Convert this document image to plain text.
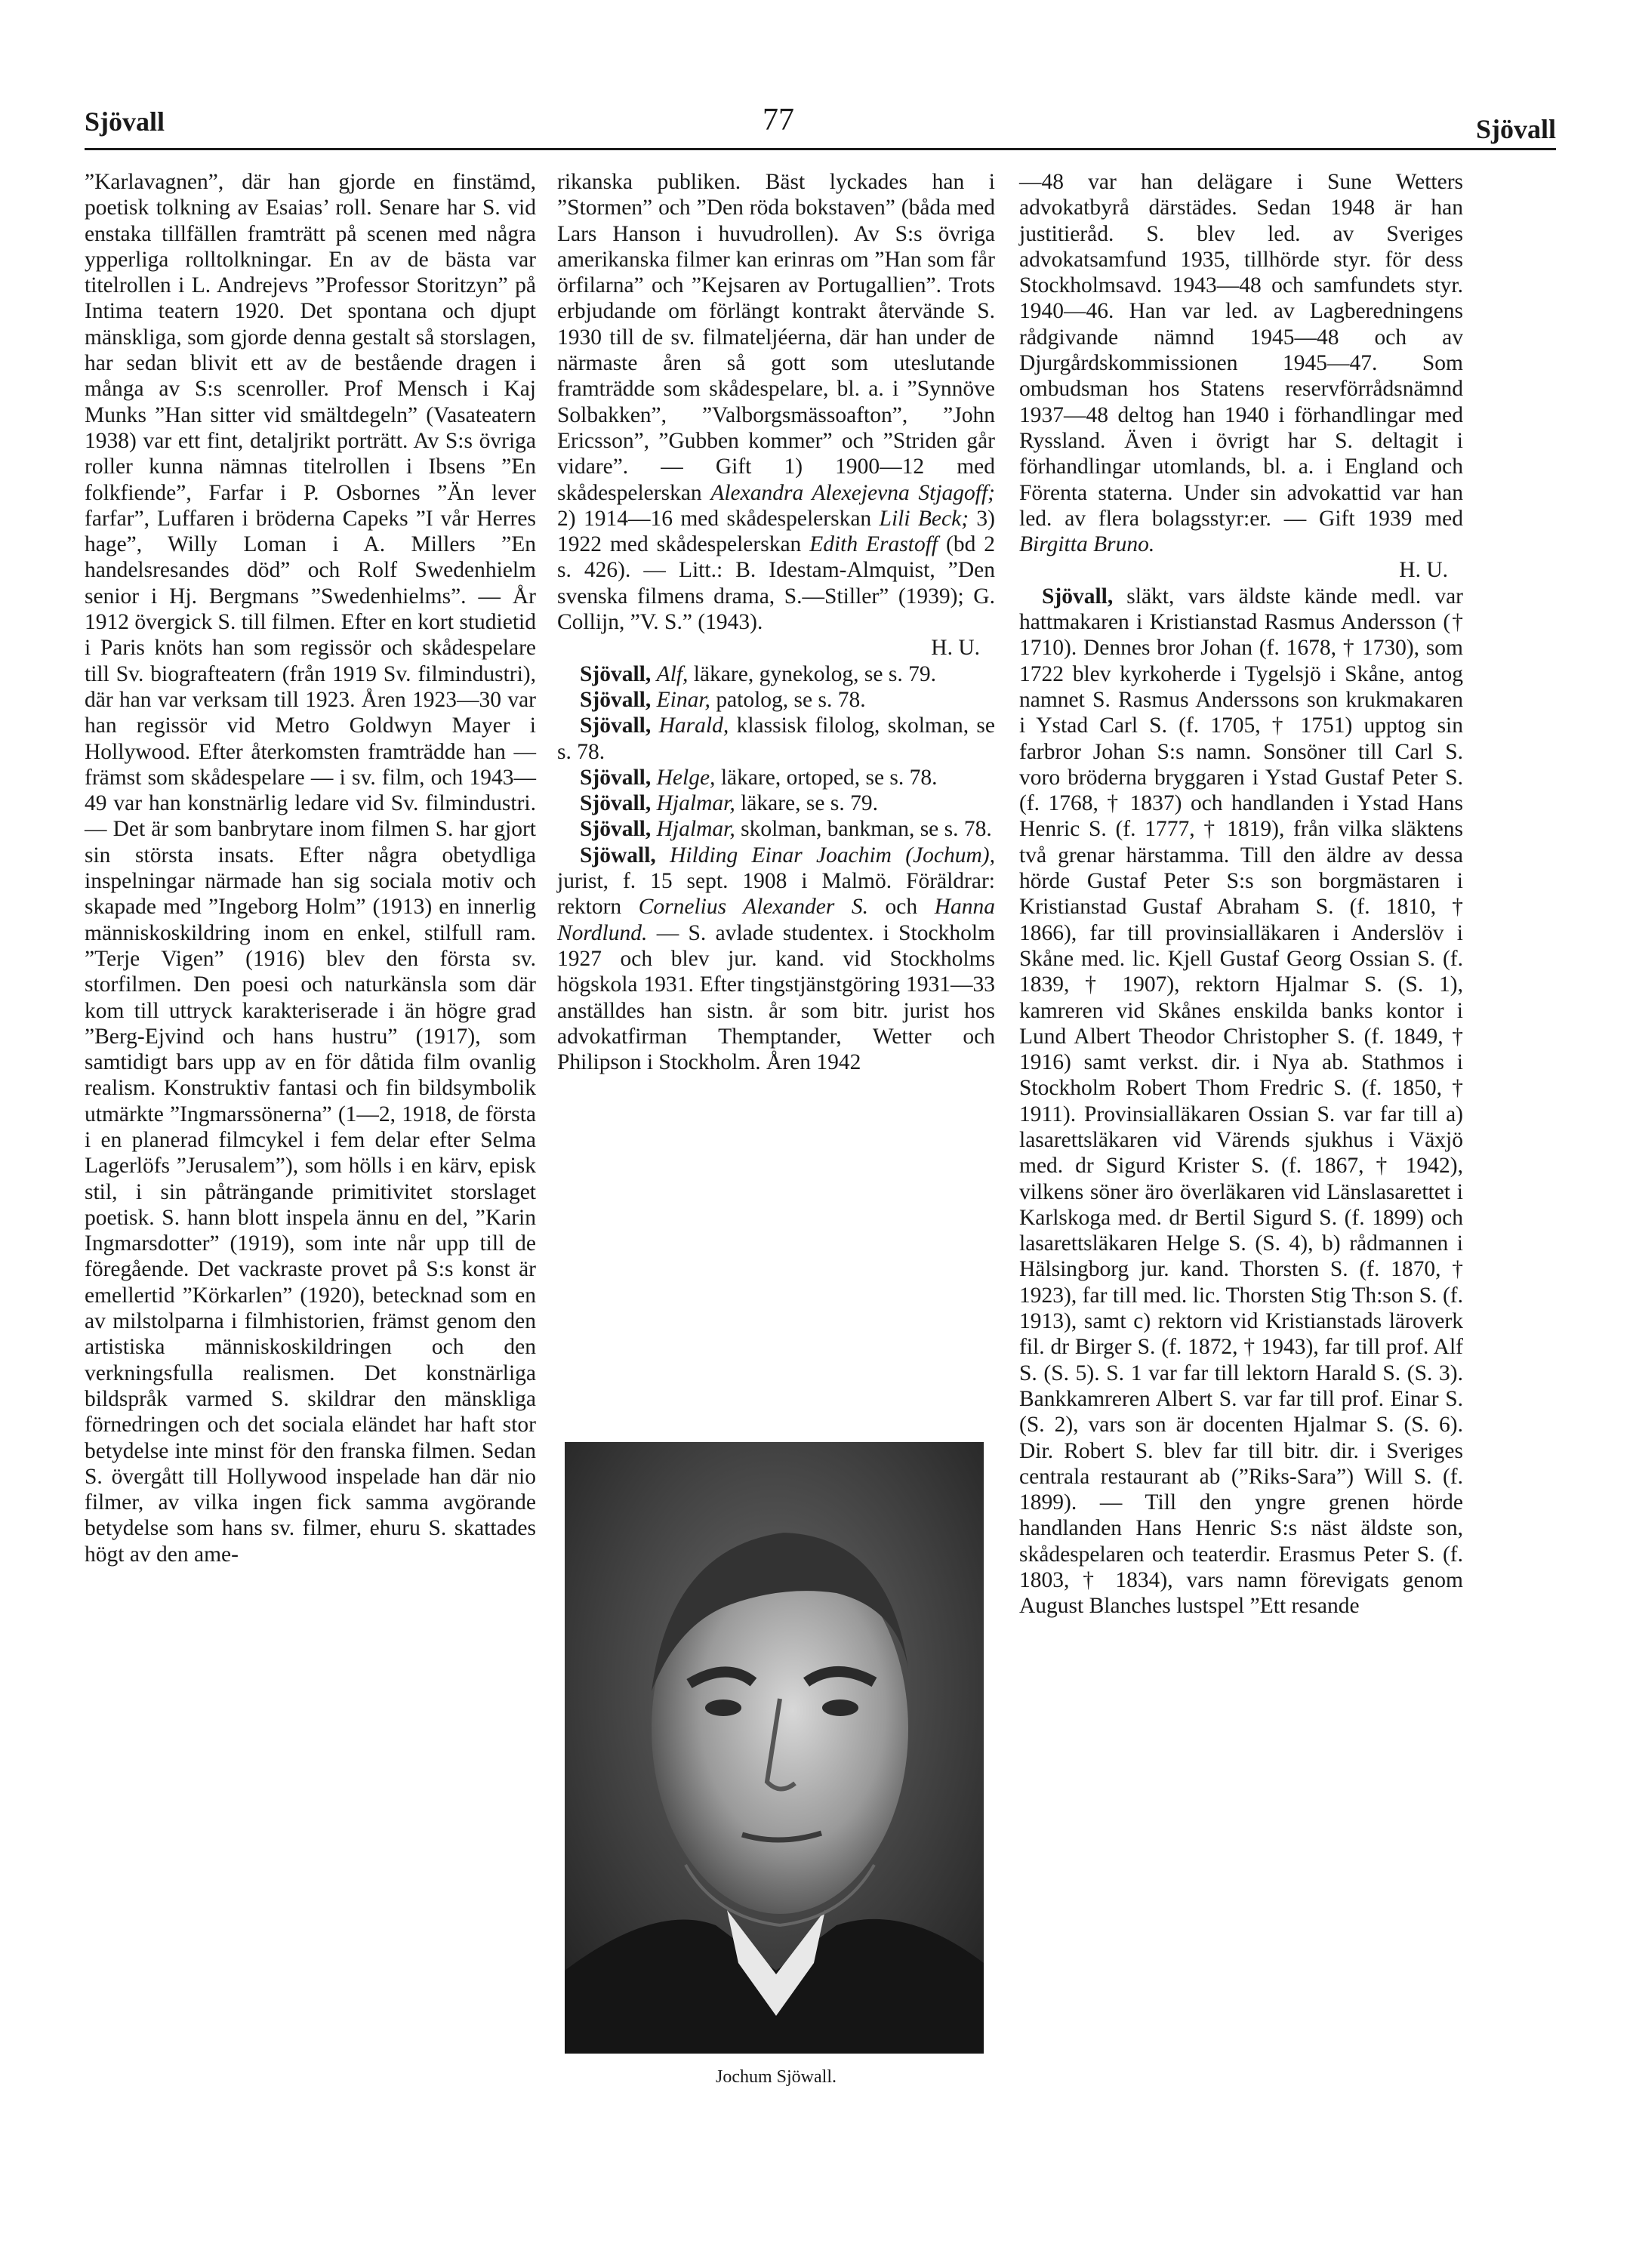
Sjövall	77	Sjövall

”Karlavagnen”, där han gjorde en finstämd, poetisk tolkning av Esaias’ roll. Senare har S. vid enstaka tillfällen framträtt på scenen med några ypperliga rolltolkningar. En av de bästa var titelrollen i L. Andrejevs ”Professor Storitzyn” på Intima teatern 1920. Det spontana och djupt mänskliga, som gjorde denna gestalt så storslagen, har sedan blivit ett av de bestående dragen i många av S:s scenroller. Prof Mensch i Kaj Munks ”Han sitter vid smältdegeln” (Vasateatern 1938) var ett fint, detaljrikt porträtt. Av S:s övriga roller kunna nämnas titelrollen i Ibsens ”En folkfiende”, Farfar i P. Osbornes ”Än lever farfar”, Luffaren i bröderna Capeks ”I vår Herres hage”, Willy Loman i A. Millers ”En handelsresandes död” och Rolf Swedenhielm senior i Hj. Bergmans ”Swedenhielms”. — År 1912 övergick S. till filmen. Efter en kort studietid i Paris knöts han som regissör och skådespelare till Sv. biografteatern (från 1919 Sv. filmindustri), där han var verksam till 1923. Åren 1923—30 var han regissör vid Metro Goldwyn Mayer i Hollywood. Efter återkomsten framträdde han — främst som skådespelare — i sv. film, och 1943—49 var han konstnärlig ledare vid Sv. filmindustri. — Det är som banbrytare inom filmen S. har gjort sin största insats. Efter några obetydliga inspelningar närmade han sig sociala motiv och skapade med ”Ingeborg Holm” (1913) en innerlig människoskildring inom en enkel, stilfull ram. ”Terje Vigen” (1916) blev den första sv. storfilmen. Den poesi och naturkänsla som där kom till uttryck karakteriserade i än högre grad ”Berg-Ejvind och hans hustru” (1917), som samtidigt bars upp av en för dåtida film ovanlig realism. Konstruktiv fantasi och fin bildsymbolik utmärkte ”Ingmarssönerna” (1—2, 1918, de första i en planerad filmcykel i fem delar efter Selma Lagerlöfs ”Jerusalem”), som hölls i en kärv, episk stil, i sin påträngande primitivitet storslaget poetisk. S. hann blott inspela ännu en del, ”Karin Ingmarsdotter” (1919), som inte når upp till de föregående. Det vackraste provet på S:s konst är emellertid ”Körkarlen” (1920), betecknad som en av milstolparna i filmhistorien, främst genom den artistiska människoskildringen och den verkningsfulla realismen. Det konstnärliga bildspråk varmed S. skildrar den mänskliga förnedringen och det sociala eländet har haft stor betydelse inte minst för den franska filmen. Sedan S. övergått till Hollywood inspelade han där nio filmer, av vilka ingen fick samma avgörande betydelse som hans sv. filmer, ehuru S. skattades högt av den ame-

rikanska publiken. Bäst lyckades han i ”Stormen” och ”Den röda bokstaven” (båda med Lars Hanson i huvudrollen). Av S:s övriga amerikanska filmer kan erinras om ”Han som får örfilarna” och ”Kejsaren av Portugallien”. Trots erbjudande om förlängt kontrakt återvände S. 1930 till de sv. filmateljéerna, där han under de närmaste åren så gott som uteslutande framträdde som skådespelare, bl. a. i ”Synnöve Solbakken”, ”Valborgsmässoafton”, ”John Ericsson”, ”Gubben kommer” och ”Striden går vidare”. — Gift 1) 1900—12 med skådespelerskan Alexandra Alexejevna Stjagoff; 2) 1914—16 med skådespelerskan Lili Beck; 3) 1922 med skådespelerskan Edith Erastoff (bd 2 s. 426). — Litt.: B. Idestam-Almquist, ”Den svenska filmens drama, S.—Stiller” (1939); G. Collijn, ”V. S.” (1943).

H. U.

Sjövall, Alf, läkare, gynekolog, se s. 79.

Sjövall, Einar, patolog, se s. 78.

Sjövall, Harald, klassisk filolog, skolman, se s. 78.

Sjövall, Helge, läkare, ortoped, se s. 78.

Sjövall, Hjalmar, läkare, se s. 79.

Sjövall, Hjalmar, skolman, bankman, se s. 78.

Sjöwall, Hilding Einar Joachim (Jochum), jurist, f. 15 sept. 1908 i Malmö. Föräldrar: rektorn Cornelius Alexander S. och Hanna Nordlund. — S. avlade studentex. i Stockholm 1927 och blev jur. kand. vid Stockholms högskola 1931. Efter tingstjänstgöring 1931—33 anställdes han sistn. år som bitr. jurist hos advokatfirman Themptander, Wetter och Philipson i Stockholm. Åren 1942

Jochum Sjöwall.

—48 var han delägare i Sune Wetters advokatbyrå därstädes. Sedan 1948 är han justitieråd. S. blev led. av Sveriges advokatsamfund 1935, tillhörde styr. för dess Stockholmsavd. 1943—48 och samfundets styr. 1940—46. Han var led. av Lagberedningens rådgivande nämnd 1945—48 och av Djurgårdskommissionen 1945—47. Som ombudsman hos Statens reservförrådsnämnd 1937—48 deltog han 1940 i förhandlingar med Ryssland. Även i övrigt har S. deltagit i förhandlingar utomlands, bl. a. i England och Förenta staterna. Under sin advokattid var han led. av flera bolagsstyr:er. — Gift 1939 med Birgitta Bruno.

H. U.

Sjövall, släkt, vars äldste kände medl. var hattmakaren i Kristianstad Rasmus Andersson († 1710). Dennes bror Johan (f. 1678, † 1730), som 1722 blev kyrkoherde i Tygelsjö i Skåne, antog namnet S. Rasmus Anderssons son krukmakaren i Ystad Carl S. (f. 1705, † 1751) upptog sin farbror Johan S:s namn. Sonsöner till Carl S. voro bröderna bryggaren i Ystad Gustaf Peter S. (f. 1768, † 1837) och handlanden i Ystad Hans Henric S. (f. 1777, † 1819), från vilka släktens två grenar härstamma. Till den äldre av dessa hörde Gustaf Peter S:s son borgmästaren i Kristianstad Gustaf Abraham S. (f. 1810, † 1866), far till provinsialläkaren i Anderslöv i Skåne med. lic. Kjell Gustaf Georg Ossian S. (f. 1839, † 1907), rektorn Hjalmar S. (S. 1), kamreren vid Skånes enskilda banks kontor i Lund Albert Theodor Christopher S. (f. 1849, † 1916) samt verkst. dir. i Nya ab. Stathmos i Stockholm Robert Thom Fredric S. (f. 1850, † 1911). Provinsialläkaren Ossian S. var far till a) lasarettsläkaren vid Värends sjukhus i Växjö med. dr Sigurd Krister S. (f. 1867, † 1942), vilkens söner äro överläkaren vid Länslasarettet i Karlskoga med. dr Bertil Sigurd S. (f. 1899) och lasarettsläkaren Helge S. (S. 4), b) rådmannen i Hälsingborg jur. kand. Thorsten S. (f. 1870, † 1923), far till med. lic. Thorsten Stig Th:son S. (f. 1913), samt c) rektorn vid Kristianstads läroverk fil. dr Birger S. (f. 1872, † 1943), far till prof. Alf S. (S. 5). S. 1 var far till lektorn Harald S. (S. 3). Bankkamreren Albert S. var far till prof. Einar S. (S. 2), vars son är docenten Hjalmar S. (S. 6). Dir. Robert S. blev far till bitr. dir. i Sveriges centrala restaurant ab (”Riks-Sara”) Will S. (f. 1899). — Till den yngre grenen hörde handlanden Hans Henric S:s näst äldste son, skådespelaren och teaterdir. Erasmus Peter S. (f. 1803, † 1834), vars namn förevigats genom August Blanches lustspel ”Ett resande
